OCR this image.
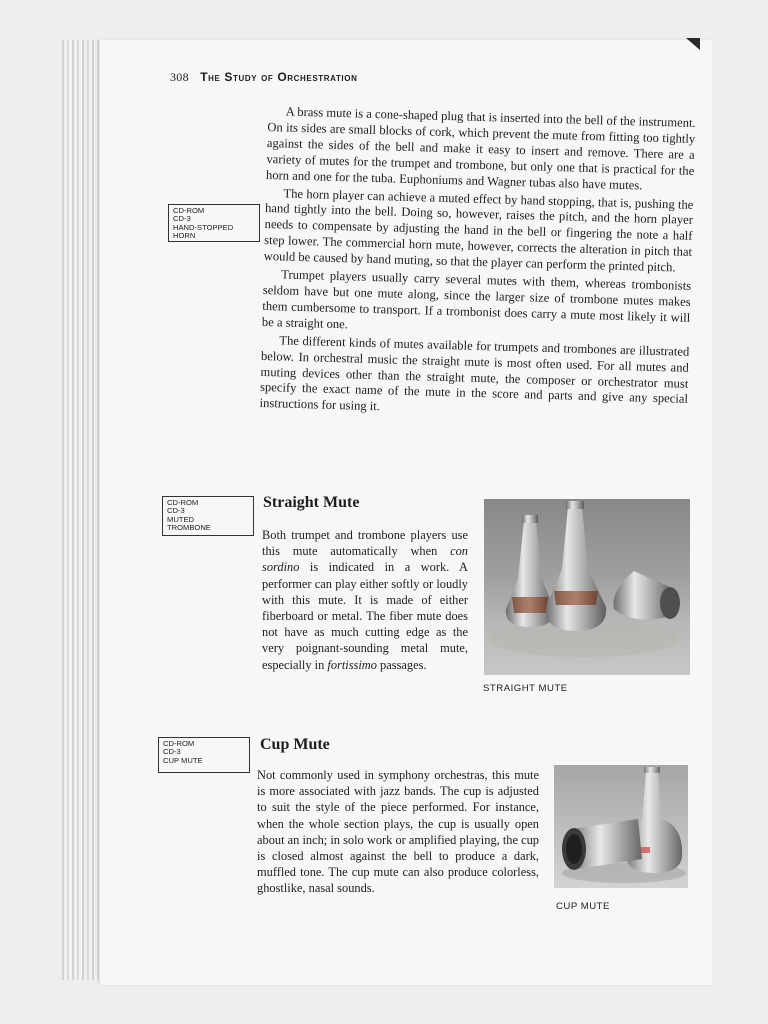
308 The Study of Orchestration

A brass mute is a cone-shaped plug that is inserted into the bell of the instrument. On its sides are small blocks of cork, which prevent the mute from fitting too tightly against the sides of the bell and make it easy to insert and remove. There are a variety of mutes for the trumpet and trombone, but only one that is practical for the horn and one for the tuba. Euphoniums and Wagner tubas also have mutes.

The horn player can achieve a muted effect by hand stopping, that is, pushing the hand tightly into the bell. Doing so, however, raises the pitch, and the horn player needs to compensate by adjusting the hand in the bell or fingering the note a half step lower. The commercial horn mute, however, corrects the alteration in pitch that would be caused by hand muting, so that the player can perform the printed pitch.

Trumpet players usually carry several mutes with them, whereas trombonists seldom have but one mute along, since the larger size of trombone mutes makes them cumbersome to transport. If a trombonist does carry a mute most likely it will be a straight one.

The different kinds of mutes available for trumpets and trombones are illustrated below. In orchestral music the straight mute is most often used. For all mutes and muting devices other than the straight mute, the composer or orchestrator must specify the exact name of the mute in the score and parts and give any special instructions for using it.

CD-ROM
CD-3
HAND-STOPPED
HORN
CD-ROM
CD-3
MUTED
TROMBONE
CD-ROM
CD-3
CUP MUTE
Straight Mute
Both trumpet and trombone players use this mute automatically when con sordino is indicated in a work. A performer can play either softly or loudly with this mute. It is made of either fiberboard or metal. The fiber mute does not have as much cutting edge as the very poignant-sounding metal mute, especially in fortissimo passages.
STRAIGHT MUTE
Cup Mute
Not commonly used in symphony orchestras, this mute is more associated with jazz bands. The cup is adjusted to suit the style of the piece performed. For instance, when the whole section plays, the cup is usually open about an inch; in solo work or amplified playing, the cup is closed almost against the bell to produce a dark, muffled tone. The cup mute can also produce colorless, ghostlike, nasal sounds.
CUP MUTE
